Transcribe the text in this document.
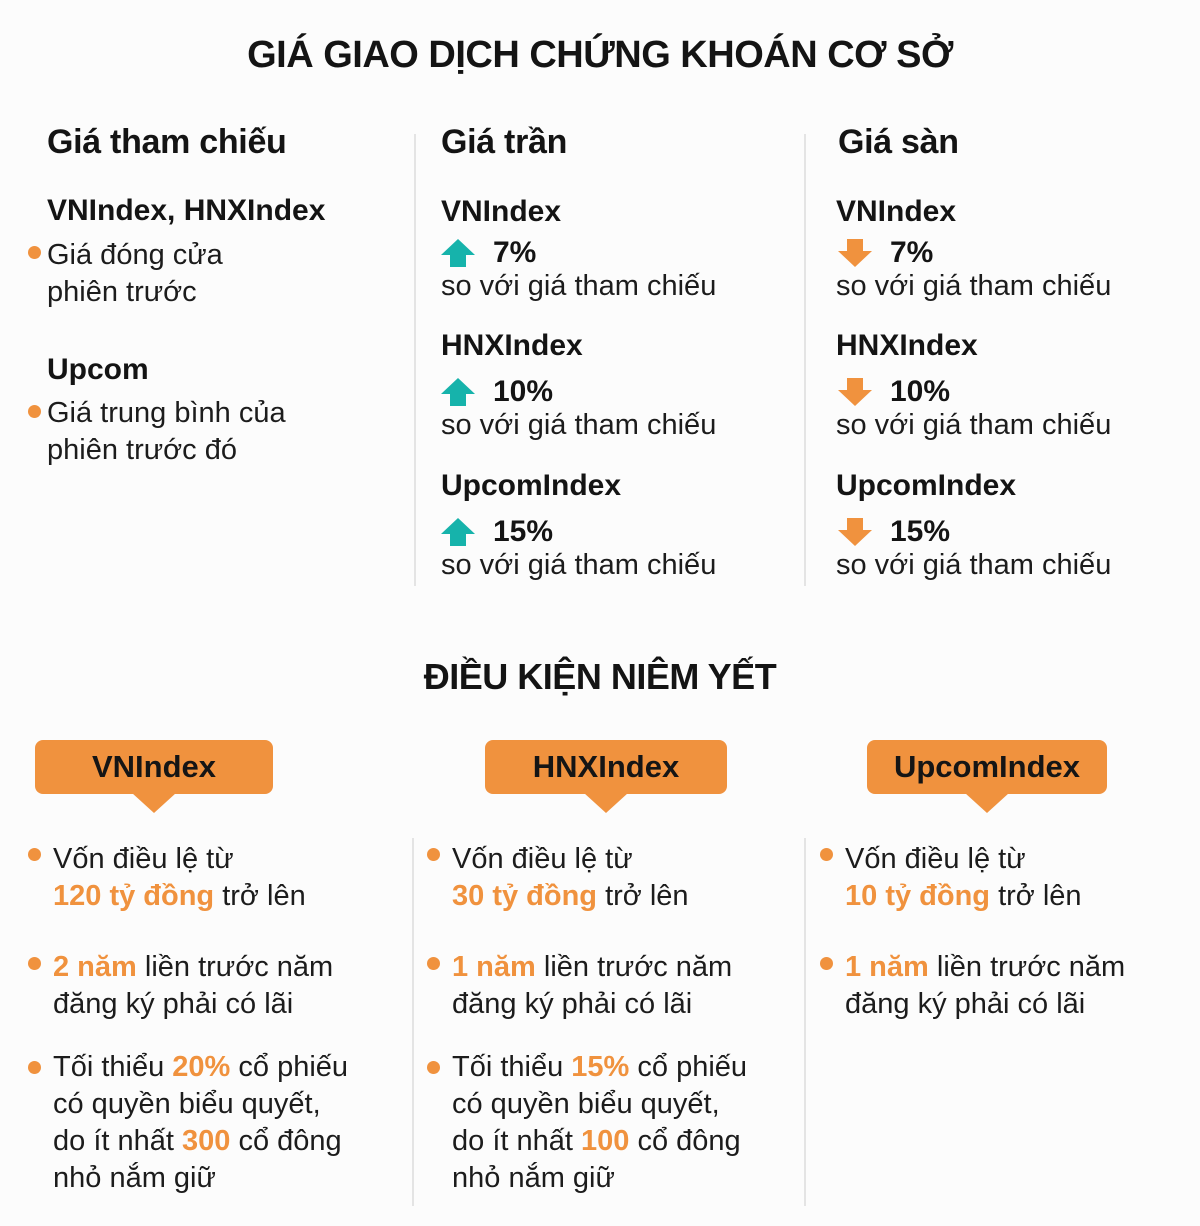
GIÁ GIAO DỊCH CHỨNG KHOÁN CƠ SỞ
Giá tham chiếu
VNIndex, HNXIndex
Giá đóng cửa
phiên trước
Upcom
Giá trung bình của
phiên trước đó
Giá trần
VNIndex
7%
so với giá tham chiếu
HNXIndex
10%
so với giá tham chiếu
UpcomIndex
15%
so với giá tham chiếu
Giá sàn
VNIndex
7%
so với giá tham chiếu
HNXIndex
10%
so với giá tham chiếu
UpcomIndex
15%
so với giá tham chiếu
ĐIỀU KIỆN NIÊM YẾT
VNIndex	HNXIndex	UpcomIndex
Vốn điều lệ từ
120 tỷ đồng trở lên
2 năm liền trước năm
đăng ký phải có lãi
Tối thiểu 20% cổ phiếu
có quyền biểu quyết,
do ít nhất 300 cổ đông
nhỏ nắm giữ
Vốn điều lệ từ
30 tỷ đồng trở lên
1 năm liền trước năm
đăng ký phải có lãi
Tối thiểu 15% cổ phiếu
có quyền biểu quyết,
do ít nhất 100 cổ đông
nhỏ nắm giữ
Vốn điều lệ từ
10 tỷ đồng trở lên
1 năm liền trước năm
đăng ký phải có lãi
